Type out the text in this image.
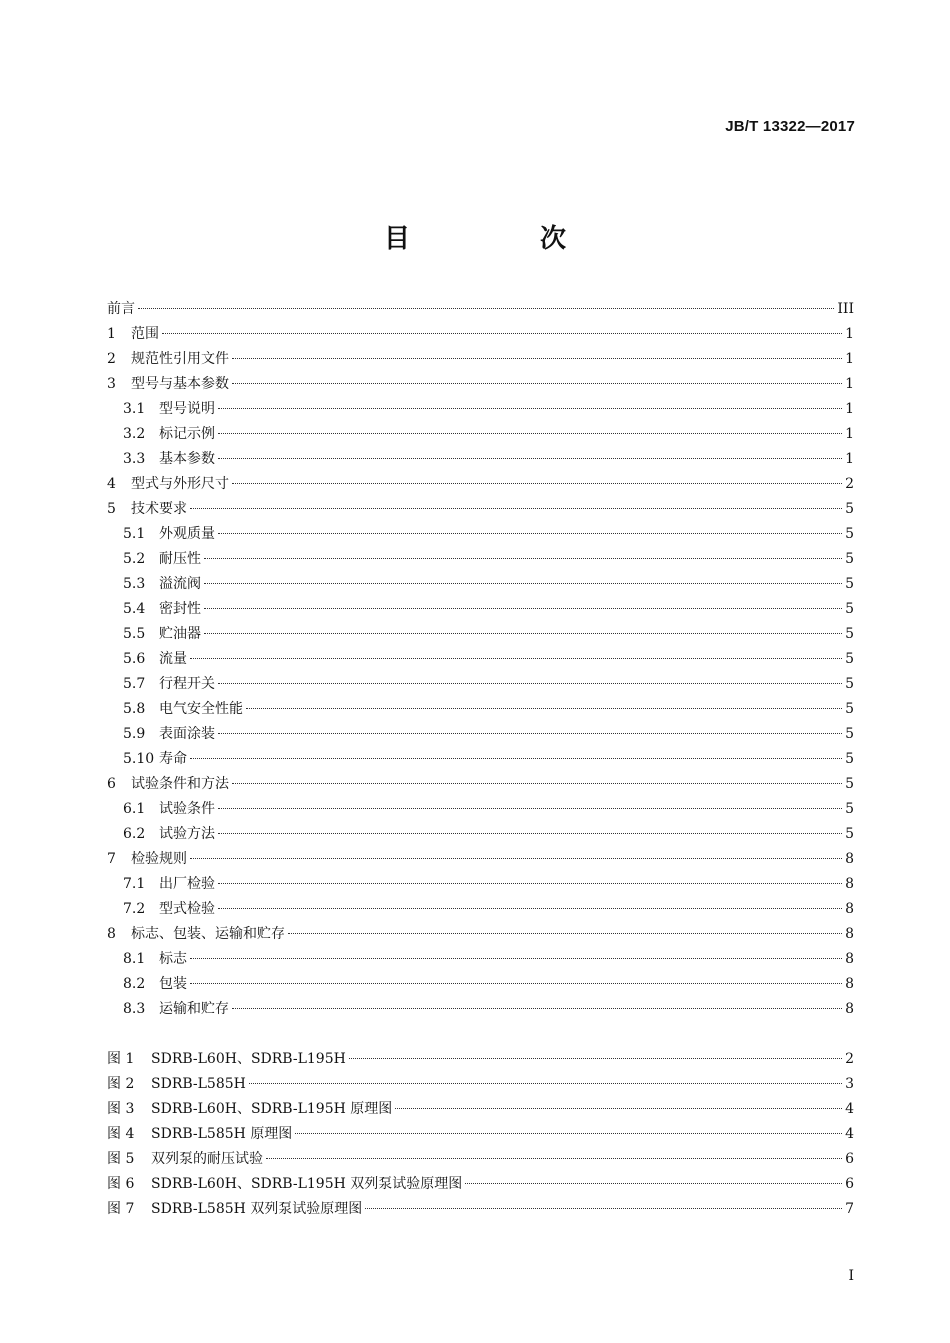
JB/T 13322—2017
目　次
前言	III
1	范围	1
2	规范性引用文件	1
3	型号与基本参数	1
3.1 型号说明	1
3.2 标记示例	1
3.3 基本参数	1
4	型式与外形尺寸	2
5	技术要求	5
5.1 外观质量	5
5.2 耐压性	5
5.3 溢流阀	5
5.4 密封性	5
5.5 贮油器	5
5.6 流量	5
5.7 行程开关	5
5.8 电气安全性能	5
5.9 表面涂装	5
5.10 寿命	5
6	试验条件和方法	5
6.1 试验条件	5
6.2 试验方法	5
7	检验规则	8
7.1 出厂检验	8
7.2 型式检验	8
8	标志、包装、运输和贮存	8
8.1 标志	8
8.2 包装	8
8.3 运输和贮存	8
图 1	SDRB-L60H、SDRB-L195H	2
图 2	SDRB-L585H	3
图 3	SDRB-L60H、SDRB-L195H 原理图	4
图 4	SDRB-L585H 原理图	4
图 5	双列泵的耐压试验	6
图 6	SDRB-L60H、SDRB-L195H 双列泵试验原理图	6
图 7	SDRB-L585H 双列泵试验原理图	7
I
